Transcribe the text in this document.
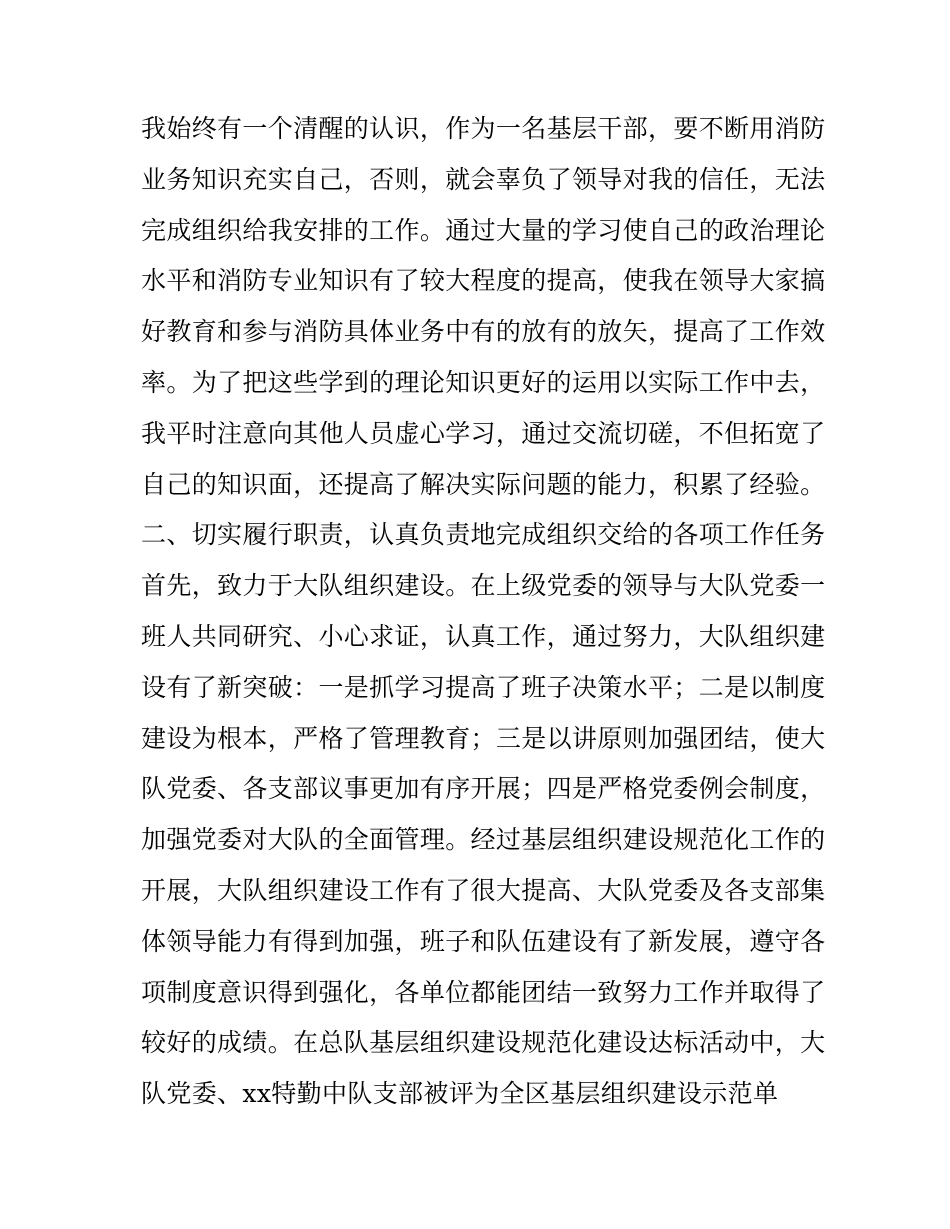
我始终有一个清醒的认识，作为一名基层干部，要不断用消防
业务知识充实自己，否则，就会辜负了领导对我的信任，无法
完成组织给我安排的工作。通过大量的学习使自己的政治理论
水平和消防专业知识有了较大程度的提高，使我在领导大家搞
好教育和参与消防具体业务中有的放有的放矢，提高了工作效
率。为了把这些学到的理论知识更好的运用以实际工作中去，
我平时注意向其他人员虚心学习，通过交流切磋，不但拓宽了
自己的知识面，还提高了解决实际问题的能力，积累了经验。
二、切实履行职责，认真负责地完成组织交给的各项工作任务
首先，致力于大队组织建设。在上级党委的领导与大队党委一
班人共同研究、小心求证，认真工作，通过努力，大队组织建
设有了新突破：一是抓学习提高了班子决策水平；二是以制度
建设为根本，严格了管理教育；三是以讲原则加强团结，使大
队党委、各支部议事更加有序开展；四是严格党委例会制度，
加强党委对大队的全面管理。经过基层组织建设规范化工作的
开展，大队组织建设工作有了很大提高、大队党委及各支部集
体领导能力有得到加强，班子和队伍建设有了新发展，遵守各
项制度意识得到强化，各单位都能团结一致努力工作并取得了
较好的成绩。在总队基层组织建设规范化建设达标活动中，大
队党委、xx特勤中队支部被评为全区基层组织建设示范单
